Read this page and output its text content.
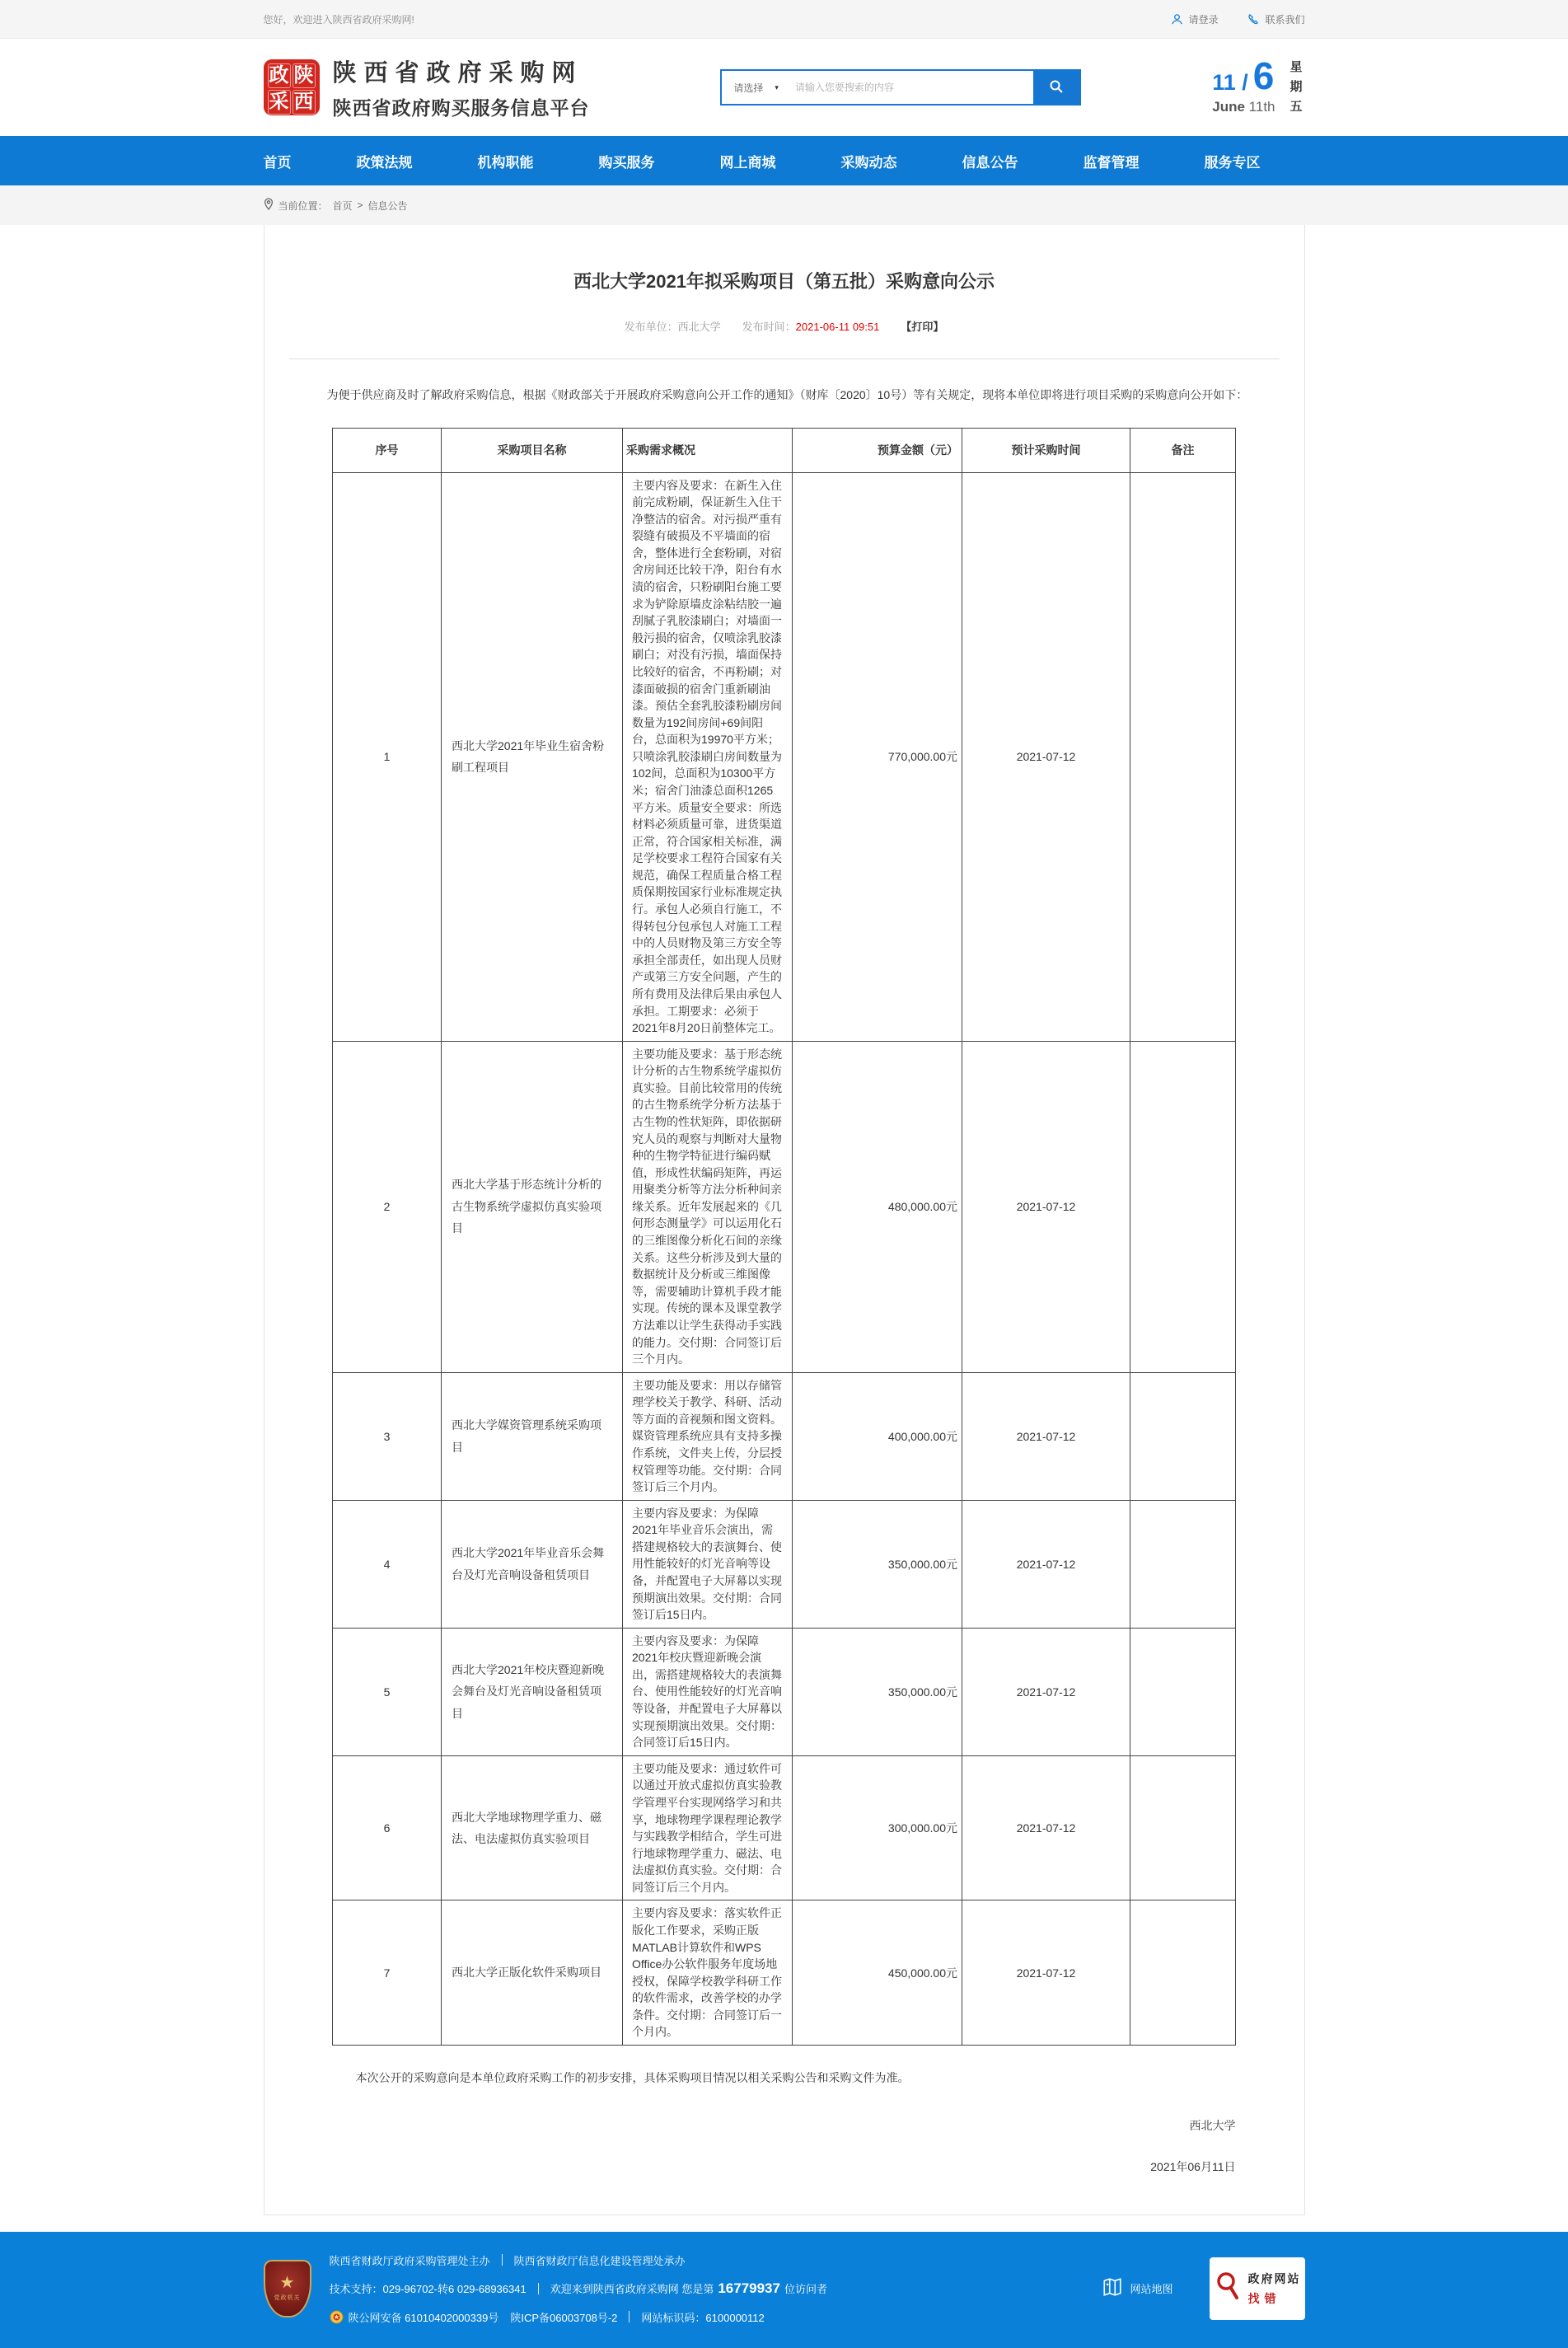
您好，欢迎进入陕西省政府采购网!	请登录	联系我们
政 陕
采 西
陕西省政府采购网
陕西省政府购买服务信息平台
请选择 ▾
请输入您要搜索的内容	11 / 6
June 11th
星期五
首页	政策法规	机构职能	购买服务	网上商城	采购动态	信息公告	监督管理	服务专区
当前位置： 首页 > 信息公告
西北大学2021年拟采购项目（第五批）采购意向公示
发布单位：西北大学 发布时间：2021-06-11 09:51 【打印】

为便于供应商及时了解政府采购信息，根据《财政部关于开展政府采购意向公开工作的通知》（财库〔2020〕10号）等有关规定，现将本单位即将进行项目采购的采购意向公开如下：

序号	采购项目名称	采购需求概况	预算金额（元）	预计采购时间	备注
1	西北大学2021年毕业生宿舍粉刷工程项目	主要内容及要求：在新生入住前完成粉刷，保证新生入住干净整洁的宿舍。对污损严重有裂缝有破损及不平墙面的宿舍，整体进行全套粉刷，对宿舍房间还比较干净，阳台有水渍的宿舍，只粉刷阳台施工要求为铲除原墙皮涂粘结胶一遍刮腻子乳胶漆刷白；对墙面一般污损的宿舍，仅喷涂乳胶漆刷白；对没有污损，墙面保持比较好的宿舍，不再粉刷；对漆面破损的宿舍门重新刷油漆。预估全套乳胶漆粉刷房间数量为192间房间+69间阳台，总面积为19970平方米；只喷涂乳胶漆刷白房间数量为102间，总面积为10300平方米；宿舍门油漆总面积1265平方米。质量安全要求：所选材料必须质量可靠，进货渠道正常，符合国家相关标准，满足学校要求工程符合国家有关规范，确保工程质量合格工程质保期按国家行业标准规定执行。承包人必须自行施工，不得转包分包承包人对施工工程中的人员财物及第三方安全等承担全部责任，如出现人员财产或第三方安全问题，产生的所有费用及法律后果由承包人承担。工期要求：必须于2021年8月20日前整体完工。	770,000.00元	2021-07-12	
2	西北大学基于形态统计分析的古生物系统学虚拟仿真实验项目	主要功能及要求：基于形态统计分析的古生物系统学虚拟仿真实验。目前比较常用的传统的古生物系统学分析方法基于古生物的性状矩阵，即依据研究人员的观察与判断对大量物种的生物学特征进行编码赋值，形成性状编码矩阵，再运用聚类分析等方法分析种间亲缘关系。近年发展起来的《几何形态测量学》可以运用化石的三维图像分析化石间的亲缘关系。这些分析涉及到大量的数据统计及分析或三维图像等，需要辅助计算机手段才能实现。传统的课本及课堂教学方法难以让学生获得动手实践的能力。交付期：合同签订后三个月内。	480,000.00元	2021-07-12	
3	西北大学媒资管理系统采购项目	主要功能及要求：用以存储管理学校关于教学、科研、活动等方面的音视频和图文资料。媒资管理系统应具有支持多操作系统，文件夹上传，分层授权管理等功能。交付期：合同签订后三个月内。	400,000.00元	2021-07-12	
4	西北大学2021年毕业音乐会舞台及灯光音响设备租赁项目	主要内容及要求：为保障2021年毕业音乐会演出，需搭建规格较大的表演舞台、使用性能较好的灯光音响等设备，并配置电子大屏幕以实现预期演出效果。交付期：合同签订后15日内。	350,000.00元	2021-07-12	
5	西北大学2021年校庆暨迎新晚会舞台及灯光音响设备租赁项目	主要内容及要求：为保障2021年校庆暨迎新晚会演出，需搭建规格较大的表演舞台、使用性能较好的灯光音响等设备，并配置电子大屏幕以实现预期演出效果。交付期：合同签订后15日内。	350,000.00元	2021-07-12	
6	西北大学地球物理学重力、磁法、电法虚拟仿真实验项目	主要功能及要求：通过软件可以通过开放式虚拟仿真实验教学管理平台实现网络学习和共享，地球物理学课程理论教学与实践教学相结合，学生可进行地球物理学重力、磁法、电法虚拟仿真实验。交付期：合同签订后三个月内。	300,000.00元	2021-07-12	
7	西北大学正版化软件采购项目	主要内容及要求：落实软件正版化工作要求，采购正版MATLAB计算软件和WPS Office办公软件服务年度场地授权，保障学校教学科研工作的软件需求，改善学校的办学条件。交付期：合同签订后一个月内。	450,000.00元	2021-07-12	

本次公开的采购意向是本单位政府采购工作的初步安排，具体采购项目情况以相关采购公告和采购文件为准。

西北大学

2021年06月11日

★
党政机关
陕西省财政厅政府采购管理处主办 陕西省财政厅信息化建设管理处承办
技术支持：029-96702-转6 029-68936341 欢迎来到陕西省政府采购网 您是第 16779937 位访问者
陕公网安备 61010402000339号 陕ICP备06003708号-2 网站标识码：6100000112
网站地图
政府网站
找错
